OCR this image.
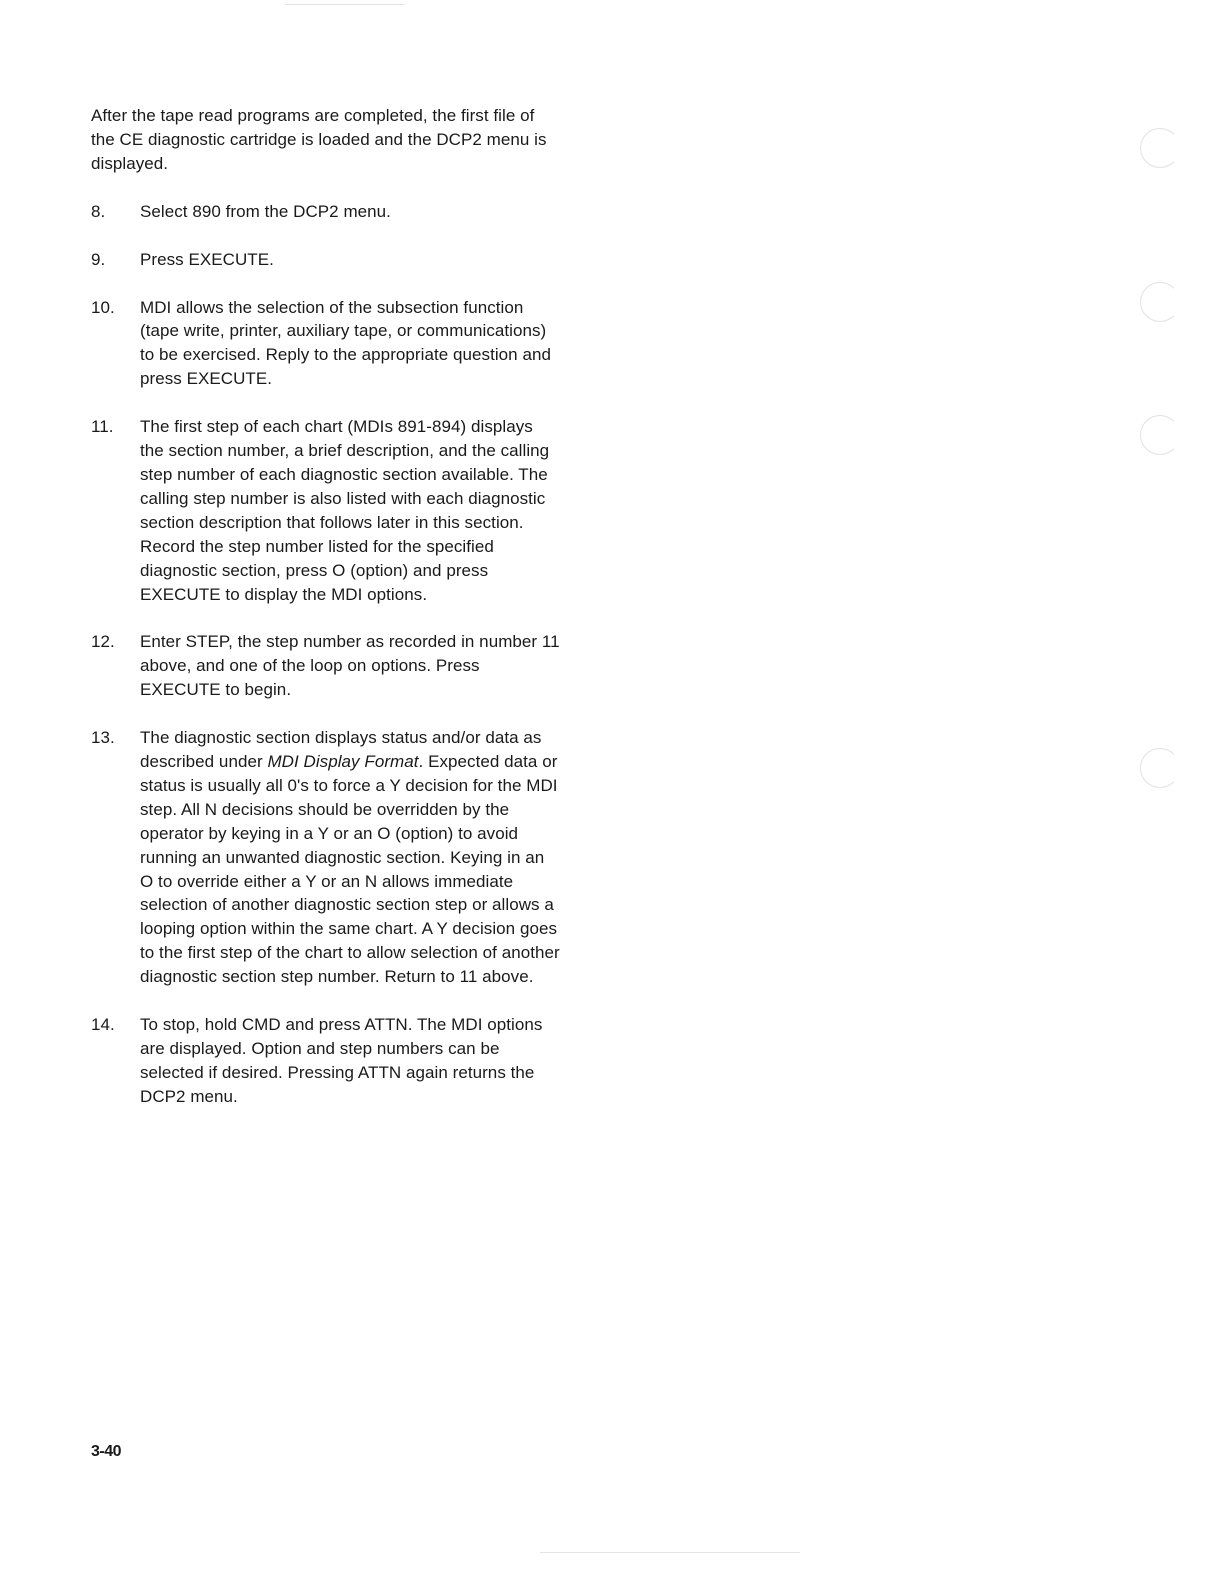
After the tape read programs are completed, the first file of the CE diagnostic cartridge is loaded and the DCP2 menu is displayed.

8.	Select 890 from the DCP2 menu.
9.	Press EXECUTE.
10.	MDI allows the selection of the subsection function (tape write, printer, auxiliary tape, or communications) to be exercised. Reply to the appropriate question and press EXECUTE.
11.	The first step of each chart (MDIs 891-894) displays the section number, a brief description, and the calling step number of each diagnostic section available. The calling step number is also listed with each diagnostic section description that follows later in this section. Record the step number listed for the specified diagnostic section, press O (option) and press EXECUTE to display the MDI options.
12.	Enter STEP, the step number as recorded in number 11 above, and one of the loop on options. Press EXECUTE to begin.
13.	The diagnostic section displays status and/or data as described under MDI Display Format. Expected data or status is usually all 0's to force a Y decision for the MDI step. All N decisions should be overridden by the operator by keying in a Y or an O (option) to avoid running an unwanted diagnostic section. Keying in an O to override either a Y or an N allows immediate selection of another diagnostic section step or allows a looping option within the same chart. A Y decision goes to the first step of the chart to allow selection of another diagnostic section step number. Return to 11 above.
14.	To stop, hold CMD and press ATTN. The MDI options are displayed. Option and step numbers can be selected if desired. Pressing ATTN again returns the DCP2 menu.
3-40
